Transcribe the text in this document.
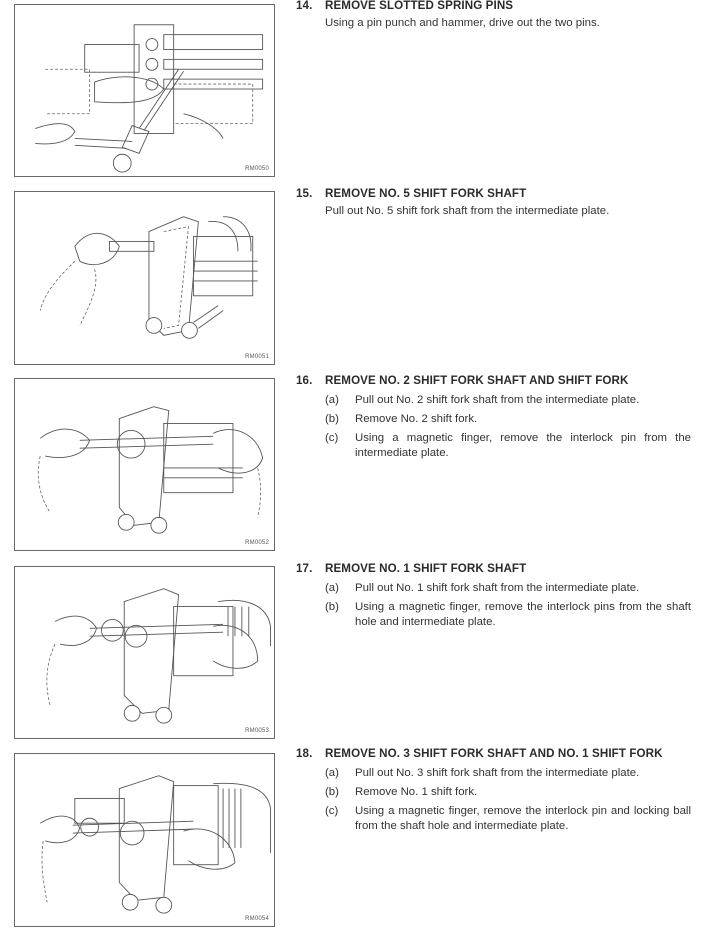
RM0050
RM0051
RM0052
RM0053
RM0054
14.	REMOVE SLOTTED SPRING PINS
Using a pin punch and hammer, drive out the two pins.
15.	REMOVE NO. 5 SHIFT FORK SHAFT
Pull out No. 5 shift fork shaft from the intermediate plate.
16.	REMOVE NO. 2 SHIFT FORK SHAFT AND SHIFT FORK
(a)	Pull out No. 2 shift fork shaft from the intermediate plate.
(b)	Remove No. 2 shift fork.
(c)	Using a magnetic finger, remove the interlock pin from the intermediate plate.
17.	REMOVE NO. 1 SHIFT FORK SHAFT
(a)	Pull out No. 1 shift fork shaft from the intermediate plate.
(b)	Using a magnetic finger, remove the interlock pins from the shaft hole and intermediate plate.
18.	REMOVE NO. 3 SHIFT FORK SHAFT AND NO. 1 SHIFT FORK
(a)	Pull out No. 3 shift fork shaft from the intermediate plate.
(b)	Remove No. 1 shift fork.
(c)	Using a magnetic finger, remove the interlock pin and locking ball from the shaft hole and intermediate plate.
